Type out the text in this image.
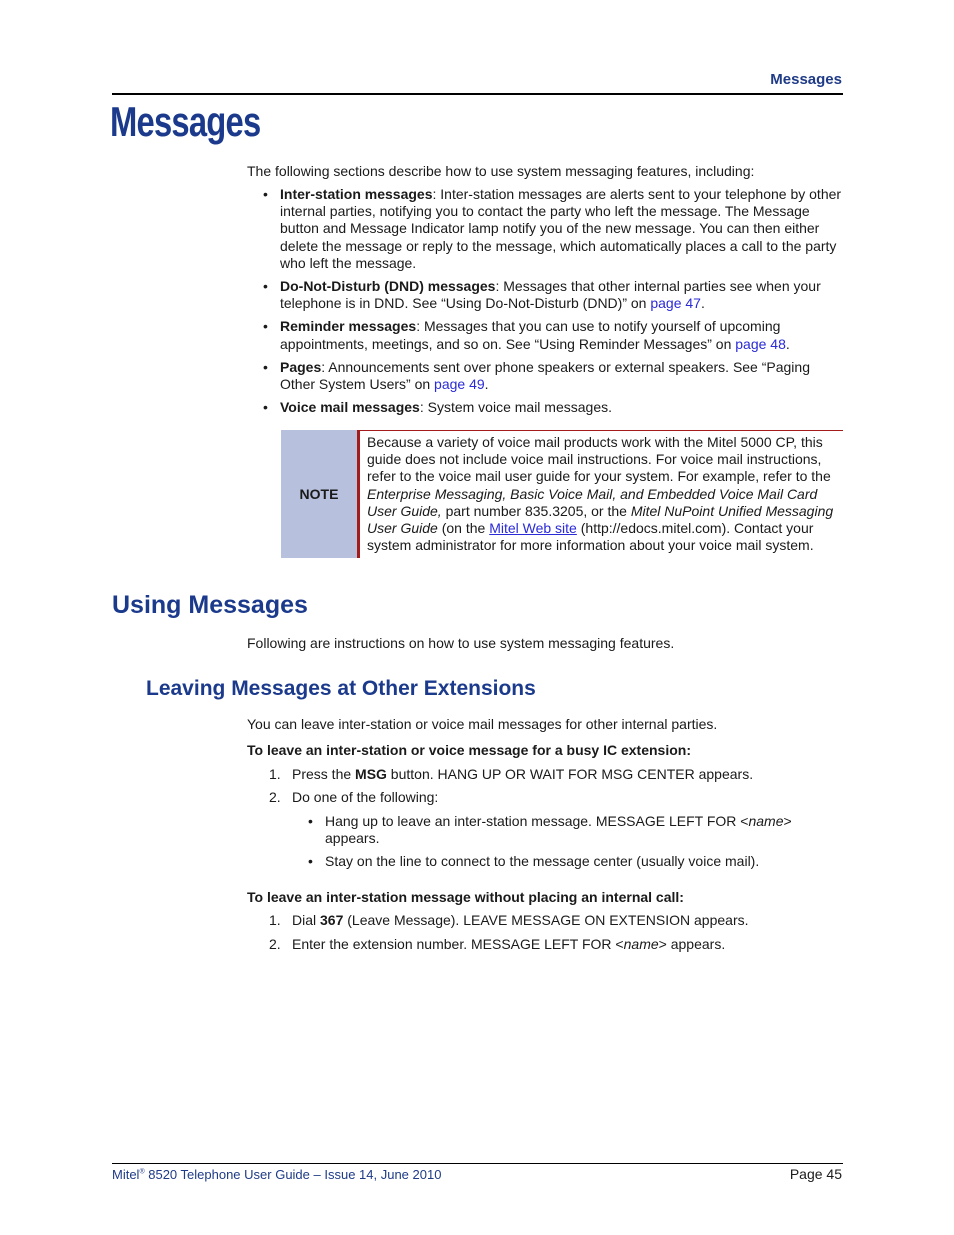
Messages
Messages
The following sections describe how to use system messaging features, including:
• Inter-station messages: Inter-station messages are alerts sent to your telephone by other internal parties, notifying you to contact the party who left the message. The Message button and Message Indicator lamp notify you of the new message. You can then either delete the message or reply to the message, which automatically places a call to the party who left the message.
• Do-Not-Disturb (DND) messages: Messages that other internal parties see when your telephone is in DND. See “Using Do-Not-Disturb (DND)” on page 47.
• Reminder messages: Messages that you can use to notify yourself of upcoming appointments, meetings, and so on. See “Using Reminder Messages” on page 48.
• Pages: Announcements sent over phone speakers or external speakers. See “Paging Other System Users” on page 49.
• Voice mail messages: System voice mail messages.
NOTE
Because a variety of voice mail products work with the Mitel 5000 CP, this guide does not include voice mail instructions. For voice mail instructions, refer to the voice mail user guide for your system. For example, refer to the Enterprise Messaging, Basic Voice Mail, and Embedded Voice Mail Card User Guide, part number 835.3205, or the Mitel NuPoint Unified Messaging User Guide (on the Mitel Web site (http://edocs.mitel.com). Contact your system administrator for more information about your voice mail system.
Using Messages
Following are instructions on how to use system messaging features.
Leaving Messages at Other Extensions
You can leave inter-station or voice mail messages for other internal parties.
To leave an inter-station or voice message for a busy IC extension:
1. Press the MSG button. HANG UP OR WAIT FOR MSG CENTER appears.
2. Do one of the following:
• Hang up to leave an inter-station message. MESSAGE LEFT FOR <name> appears.
• Stay on the line to connect to the message center (usually voice mail).
To leave an inter-station message without placing an internal call:
1. Dial 367 (Leave Message). LEAVE MESSAGE ON EXTENSION appears.
2. Enter the extension number. MESSAGE LEFT FOR <name> appears.
Mitel® 8520 Telephone User Guide – Issue 14, June 2010	Page 45
